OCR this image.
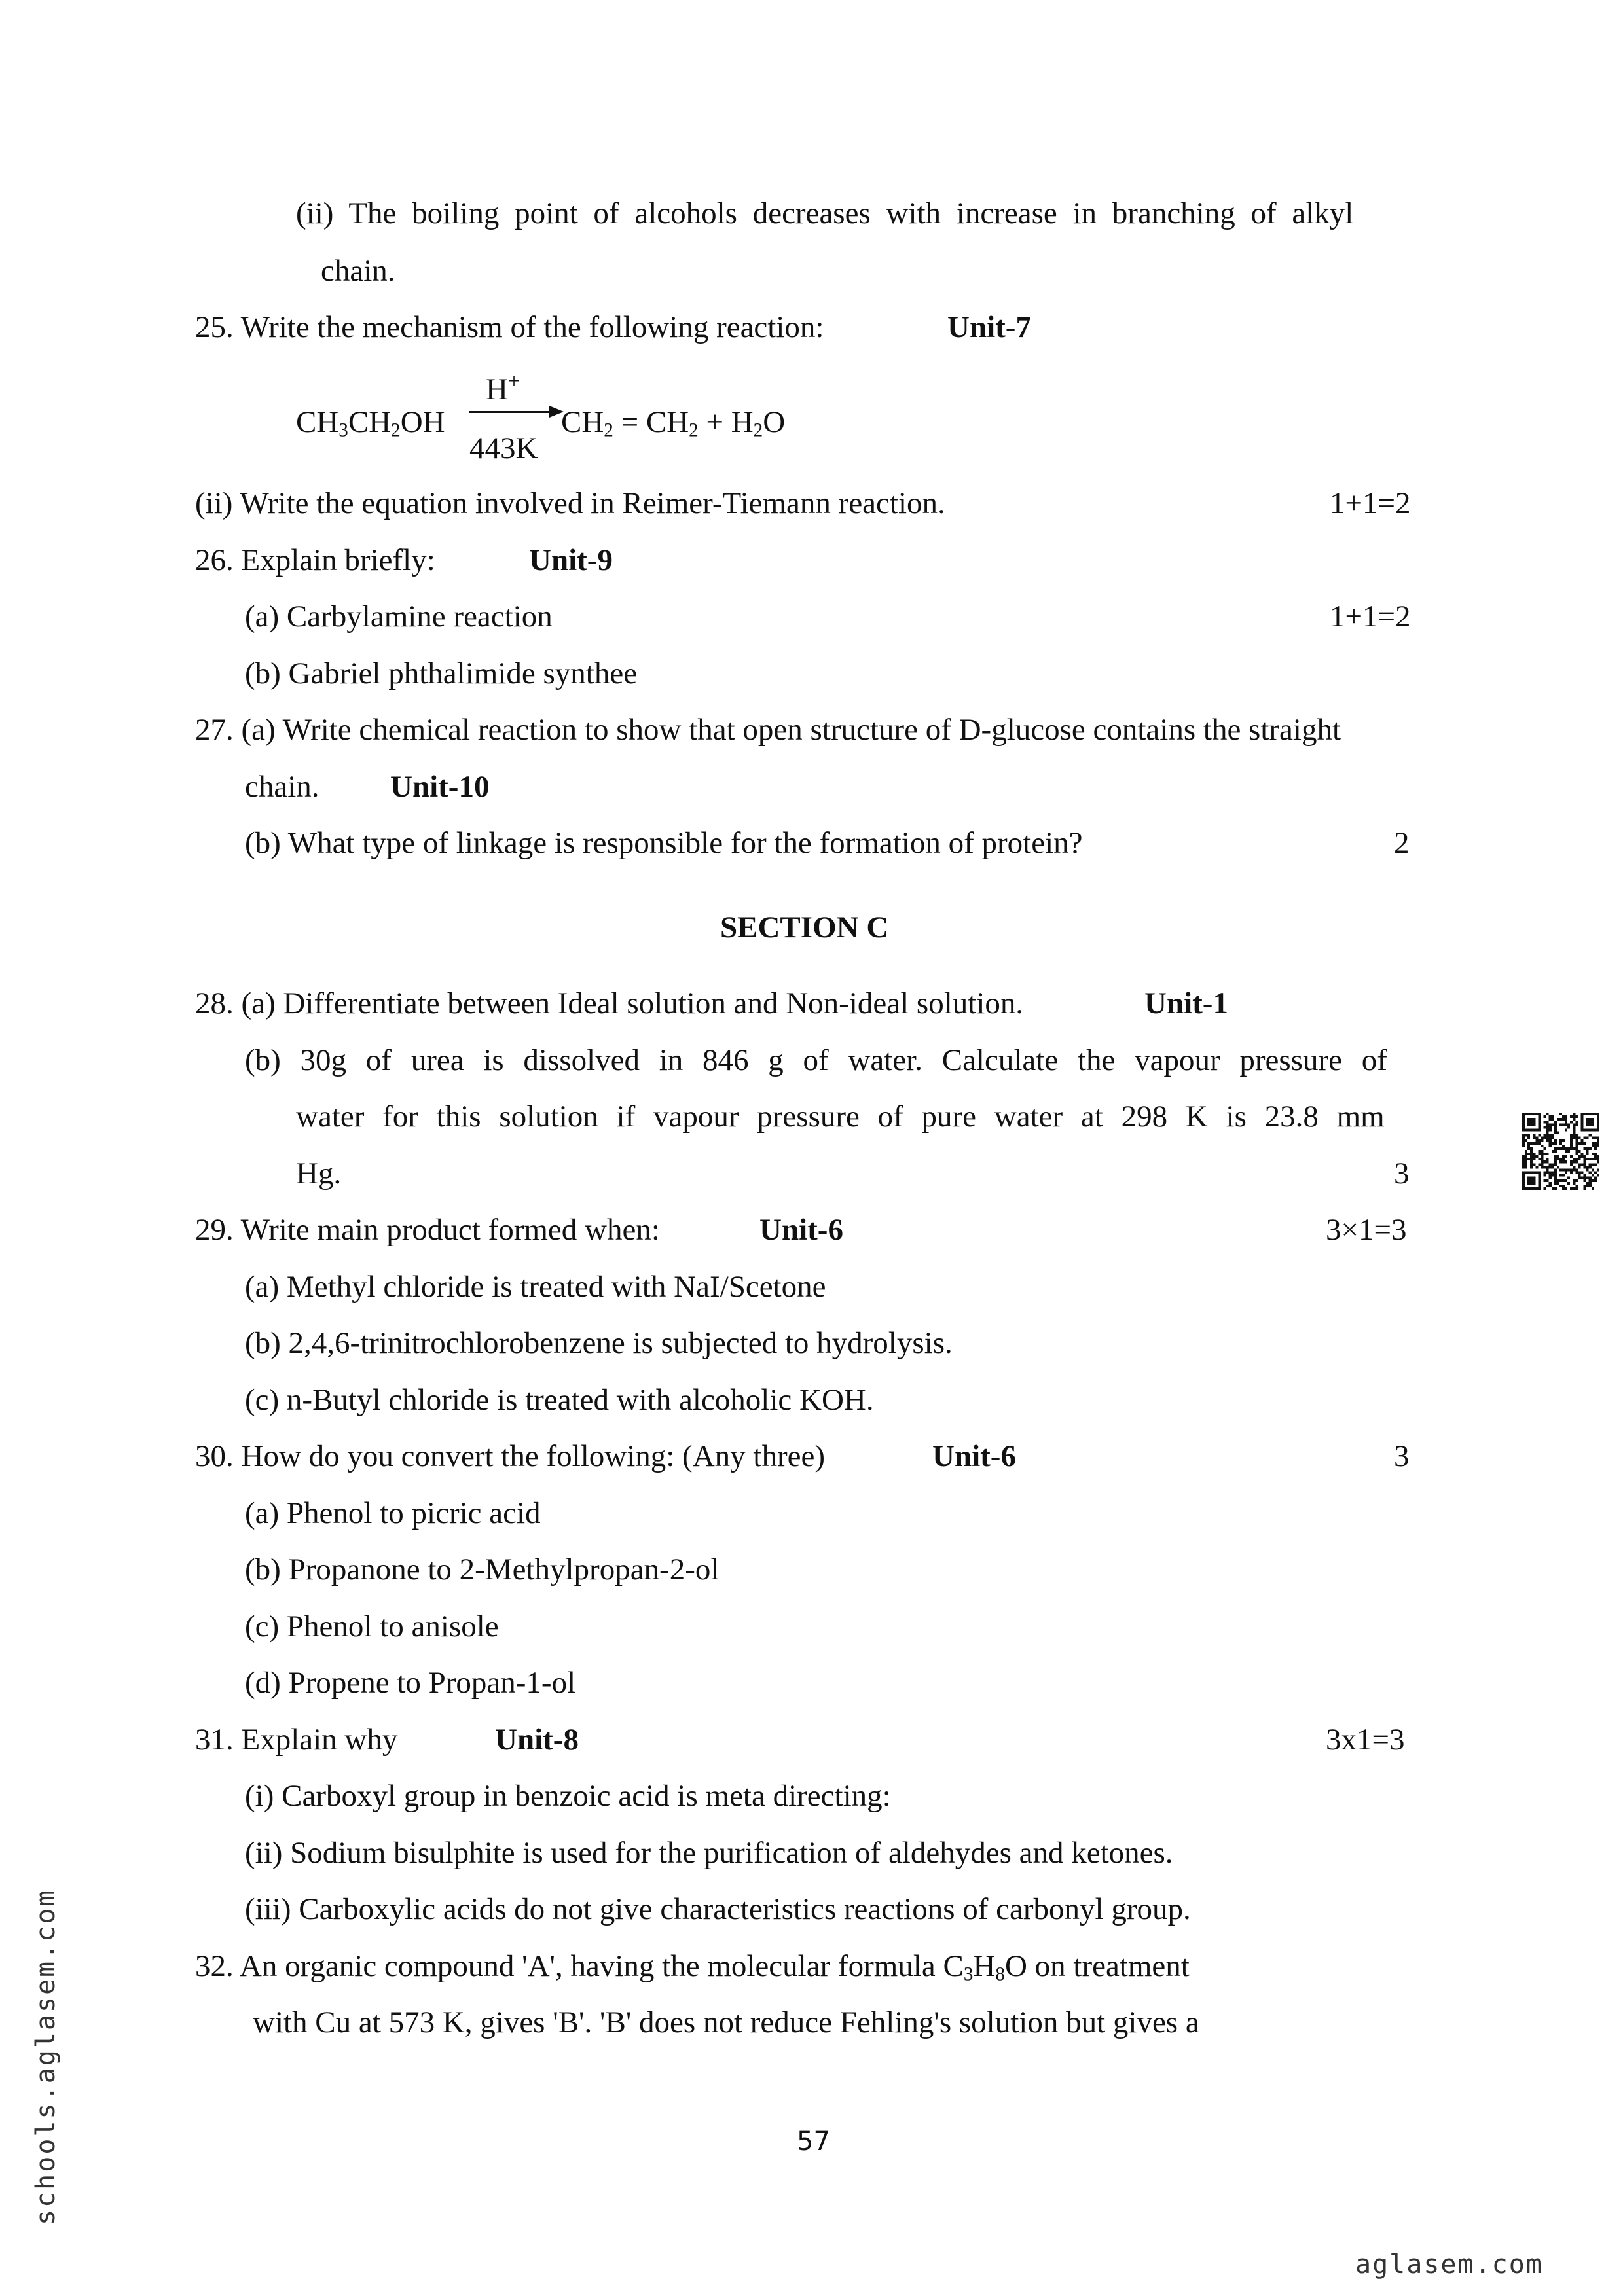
(ii) The boiling point of alcohols decreases with increase in branching of alkyl
chain.
25. Write the mechanism of the following reaction:	Unit-7
$CH_3CH_2OH$
H+
443K
$CH_2 = CH_2 + H_2O$
(ii) Write the equation involved in Reimer-Tiemann reaction.	1+1=2
26. Explain briefly:	Unit-9
(a) Carbylamine reaction	1+1=2
(b) Gabriel phthalimide synthee
27. (a) Write chemical reaction to show that open structure of D-glucose contains the straight
chain. Unit-10
(b) What type of linkage is responsible for the formation of protein?	2
SECTION C
28. (a) Differentiate between Ideal solution and Non-ideal solution.	Unit-1
(b) 30g of urea is dissolved in 846 g of water. Calculate the vapour pressure of
water for this solution if vapour pressure of pure water at 298 K is 23.8 mm
Hg.	3
29. Write main product formed when:	Unit-6	3×1=3
(a) Methyl chloride is treated with NaI/Scetone
(b) 2,4,6-trinitrochlorobenzene is subjected to hydrolysis.
(c) n-Butyl chloride is treated with alcoholic KOH.
30. How do you convert the following: (Any three)	Unit-6	3
(a) Phenol to picric acid
(b) Propanone to 2-Methylpropan-2-ol
(c) Phenol to anisole
(d) Propene to Propan-1-ol
31. Explain why	Unit-8	3x1=3
(i) Carboxyl group in benzoic acid is meta directing:
(ii) Sodium bisulphite is used for the purification of aldehydes and ketones.
(iii) Carboxylic acids do not give characteristics reactions of carbonyl group.
32. An organic compound 'A', having the molecular formula $C_3H_8O$ on treatment
with Cu at 573 K, gives 'B'. 'B' does not reduce Fehling's solution but gives a
57
schools.aglasem.com
aglasem.com
